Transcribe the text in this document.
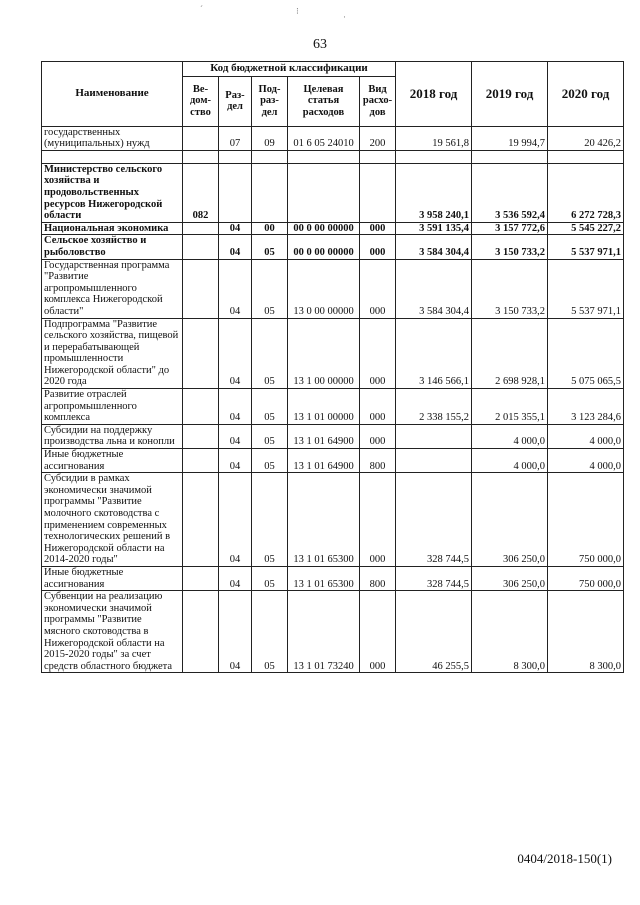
ˊ	⁝
·
63
Наименование	Код бюджетной классификации					2018 год	2019 год	2020 год
	Ве-дом-ство	Раз-дел	Под-раз-дел	Целевая статья расходов	Вид расхо-дов			
государственных (муниципальных) нужд		07	09	01 6 05 24010	200	19 561,8	19 994,7	20 426,2

Министерство сельского хозяйства и продовольственных ресурсов Нижегородской области	082					3 958 240,1	3 536 592,4	6 272 728,3
Национальная экономика		04	00	00 0 00 00000	000	3 591 135,4	3 157 772,6	5 545 227,2
Сельское хозяйство и рыболовство		04	05	00 0 00 00000	000	3 584 304,4	3 150 733,2	5 537 971,1
Государственная программа "Развитие агропромышленного комплекса Нижегородской области"		04	05	13 0 00 00000	000	3 584 304,4	3 150 733,2	5 537 971,1
Подпрограмма "Развитие сельского хозяйства, пищевой и перерабатывающей промышленности Нижегородской области" до 2020 года		04	05	13 1 00 00000	000	3 146 566,1	2 698 928,1	5 075 065,5
Развитие отраслей агропромышленного комплекса		04	05	13 1 01 00000	000	2 338 155,2	2 015 355,1	3 123 284,6
Субсидии на поддержку производства льна и конопли		04	05	13 1 01 64900	000		4 000,0	4 000,0
Иные бюджетные ассигнования		04	05	13 1 01 64900	800		4 000,0	4 000,0
Субсидии в рамках экономически значимой программы "Развитие молочного скотоводства с применением современных технологических решений в Нижегородской области на 2014-2020 годы"		04	05	13 1 01 65300	000	328 744,5	306 250,0	750 000,0
Иные бюджетные ассигнования		04	05	13 1 01 65300	800	328 744,5	306 250,0	750 000,0
Субвенции на реализацию экономически значимой программы "Развитие мясного скотоводства в Нижегородской области на 2015-2020 годы" за счет средств областного бюджета		04	05	13 1 01 73240	000	46 255,5	8 300,0	8 300,0
0404/2018-150(1)
